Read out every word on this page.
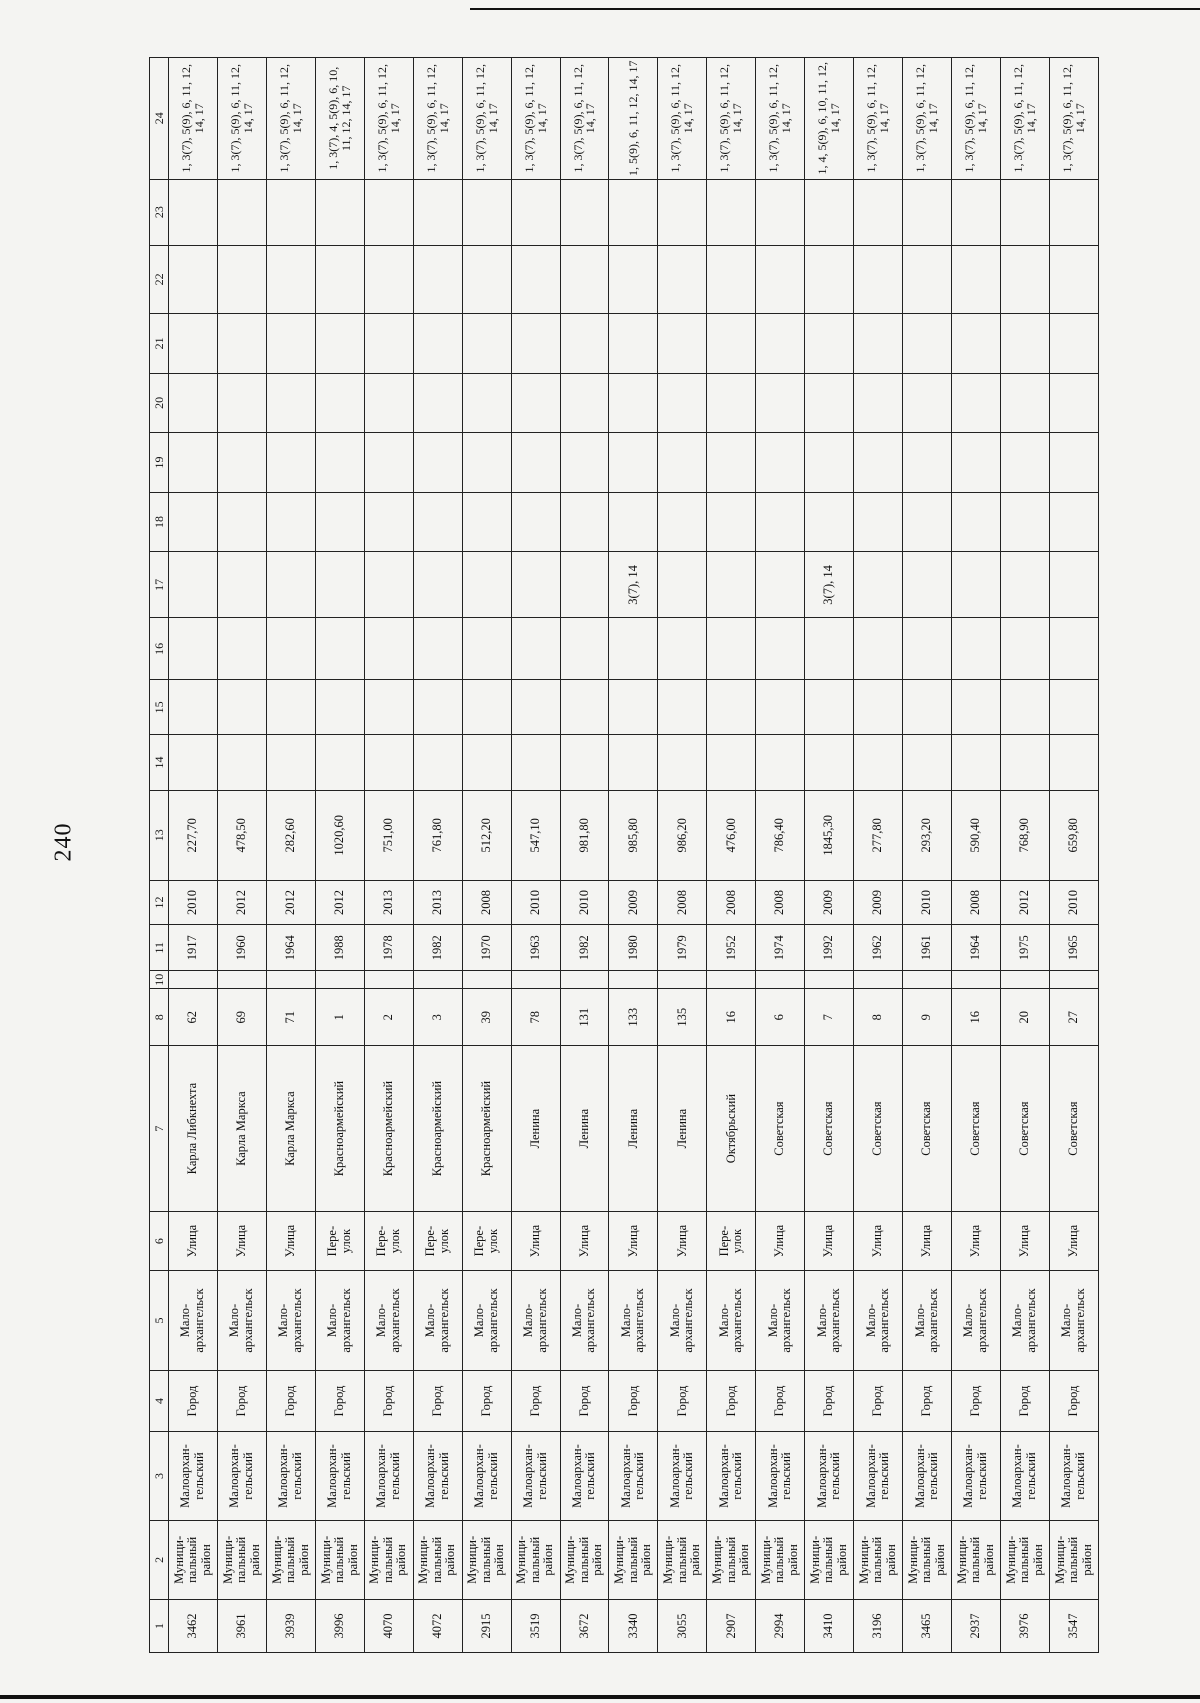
240
1	2	3	4	5	6	7	8	10	11	12	13	14	15	16	17	18	19	20	21	22	23	24
3462	Муници-пальный район	Малоархан-гельский	Город	Мало-архангельск	Улица	Карла Либкнехта	62		1917	2010	227,70											1, 3(7), 5(9), 6, 11, 12, 14, 17
3961	Муници-пальный район	Малоархан-гельский	Город	Мало-архангельск	Улица	Карла Маркса	69		1960	2012	478,50											1, 3(7), 5(9), 6, 11, 12, 14, 17
3939	Муници-пальный район	Малоархан-гельский	Город	Мало-архангельск	Улица	Карла Маркса	71		1964	2012	282,60											1, 3(7), 5(9), 6, 11, 12, 14, 17
3996	Муници-пальный район	Малоархан-гельский	Город	Мало-архангельск	Пере-улок	Красноармейский	1		1988	2012	1020,60											1, 3(7), 4, 5(9), 6, 10, 11, 12, 14, 17
4070	Муници-пальный район	Малоархан-гельский	Город	Мало-архангельск	Пере-улок	Красноармейский	2		1978	2013	751,00											1, 3(7), 5(9), 6, 11, 12, 14, 17
4072	Муници-пальный район	Малоархан-гельский	Город	Мало-архангельск	Пере-улок	Красноармейский	3		1982	2013	761,80											1, 3(7), 5(9), 6, 11, 12, 14, 17
2915	Муници-пальный район	Малоархан-гельский	Город	Мало-архангельск	Пере-улок	Красноармейский	39		1970	2008	512,20											1, 3(7), 5(9), 6, 11, 12, 14, 17
3519	Муници-пальный район	Малоархан-гельский	Город	Мало-архангельск	Улица	Ленина	78		1963	2010	547,10											1, 3(7), 5(9), 6, 11, 12, 14, 17
3672	Муници-пальный район	Малоархан-гельский	Город	Мало-архангельск	Улица	Ленина	131		1982	2010	981,80											1, 3(7), 5(9), 6, 11, 12, 14, 17
3340	Муници-пальный район	Малоархан-гельский	Город	Мало-архангельск	Улица	Ленина	133		1980	2009	985,80				3(7), 14							1, 5(9), 6, 11, 12, 14, 17
3055	Муници-пальный район	Малоархан-гельский	Город	Мало-архангельск	Улица	Ленина	135		1979	2008	986,20											1, 3(7), 5(9), 6, 11, 12, 14, 17
2907	Муници-пальный район	Малоархан-гельский	Город	Мало-архангельск	Пере-улок	Октябрьский	16		1952	2008	476,00											1, 3(7), 5(9), 6, 11, 12, 14, 17
2994	Муници-пальный район	Малоархан-гельский	Город	Мало-архангельск	Улица	Советская	6		1974	2008	786,40											1, 3(7), 5(9), 6, 11, 12, 14, 17
3410	Муници-пальный район	Малоархан-гельский	Город	Мало-архангельск	Улица	Советская	7		1992	2009	1845,30				3(7), 14							1, 4, 5(9), 6, 10, 11, 12, 14, 17
3196	Муници-пальный район	Малоархан-гельский	Город	Мало-архангельск	Улица	Советская	8		1962	2009	277,80											1, 3(7), 5(9), 6, 11, 12, 14, 17
3465	Муници-пальный район	Малоархан-гельский	Город	Мало-архангельск	Улица	Советская	9		1961	2010	293,20											1, 3(7), 5(9), 6, 11, 12, 14, 17
2937	Муници-пальный район	Малоархан-гельский	Город	Мало-архангельск	Улица	Советская	16		1964	2008	590,40											1, 3(7), 5(9), 6, 11, 12, 14, 17
3976	Муници-пальный район	Малоархан-гельский	Город	Мало-архангельск	Улица	Советская	20		1975	2012	768,90											1, 3(7), 5(9), 6, 11, 12, 14, 17
3547	Муници-пальный район	Малоархан-гельский	Город	Мало-архангельск	Улица	Советская	27		1965	2010	659,80											1, 3(7), 5(9), 6, 11, 12, 14, 17
